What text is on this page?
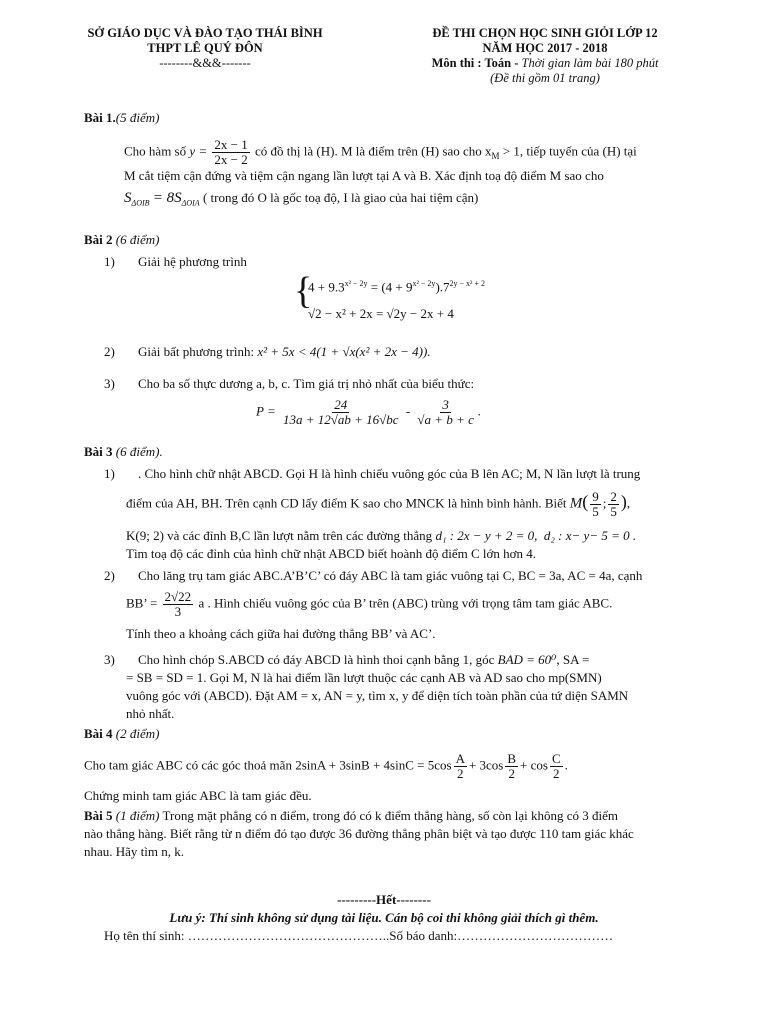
SỞ GIÁO DỤC VÀ ĐÀO TẠO THÁI BÌNH
THPT LÊ QUÝ ĐÔN
--------&&&-------
ĐỀ THI CHỌN HỌC SINH GIỎI LỚP 12
NĂM HỌC 2017 - 2018
Môn thi : Toán - Thời gian làm bài 180 phút
(Đề thi gồm 01 trang)
Bài 1.(5 điểm)
Cho hàm số $y = \frac{2x - 1}{2x - 2}$ có đồ thị là (H). M là điểm trên (H) sao cho $x_M > 1$, tiếp tuyến của (H) tại
M cắt tiệm cận đứng và tiệm cận ngang lần lượt tại A và B. Xác định toạ độ điểm M sao cho
$S_{\Delta OIB} = 8S_{\Delta OIA}$ ( trong đó O là gốc toạ độ, I là giao của hai tiệm cận)
Bài 2 (6 điểm)
1) Giải hệ phương trình
{
$4 + 9.3^{x^2 - 2y} = (4 + 9^{x^2 - 2y}).7^{2y - x^2 + 2}$
√2 − x² + 2x = √2y − 2x + 4
2) Giải bất phương trình: x² + 5x < 4(1 + √x(x² + 2x − 4)).
3) Cho ba số thực dương a, b, c. Tìm giá trị nhỏ nhất của biểu thức:
$P = \frac{24}{13a + 12√ab + 16√bc} - \frac{3}{√a + b + c}$ .
Bài 3 (6 điểm).
1) . Cho hình chữ nhật ABCD. Gọi H là hình chiếu vuông góc của B lên AC; M, N lần lượt là trung
điểm của AH, BH. Trên cạnh CD lấy điểm K sao cho MNCK là hình bình hành. Biết $M( \frac{9}{5}$ ; $\frac{2}{5}$ ),
K(9; 2) và các đỉnh B,C lần lượt nằm trên các đường thẳng d₁ : 2x − y + 2 = 0, d₂ : x− y− 5 = 0 .
Tìm toạ độ các đỉnh của hình chữ nhật ABCD biết hoành độ điểm C lớn hơn 4.
2) Cho lăng trụ tam giác ABC.A’B’C’ có đáy ABC là tam giác vuông tại C, BC = 3a, AC = 4a, cạnh
BB’ = $\frac{2√22}{3}$ a . Hình chiếu vuông góc của B’ trên (ABC) trùng với trọng tâm tam giác ABC.
Tính theo a khoảng cách giữa hai đường thẳng BB’ và AC’.
3) Cho hình chóp S.ABCD có đáy ABCD là hình thoi cạnh bằng 1, góc BAD = 60⁰, SA =
= SB = SD = 1. Gọi M, N là hai điểm lần lượt thuộc các cạnh AB và AD sao cho mp(SMN)
vuông góc với (ABCD). Đặt AM = x, AN = y, tìm x, y để diện tích toàn phần của tứ diện SAMN
nhỏ nhất.
Bài 4 (2 điểm)
Cho tam giác ABC có các góc thoả mãn $2\sin A + 3\sin B + 4\sin C = 5\cos \frac{A}{2} + 3\cos \frac{B}{2} + \cos \frac{C}{2}$ .
Chứng minh tam giác ABC là tam giác đều.
Bài 5 (1 điểm) Trong mặt phẳng có n điểm, trong đó có k điểm thẳng hàng, số còn lại không có 3 điểm
nào thẳng hàng. Biết rằng từ n điểm đó tạo được 36 đường thẳng phân biệt và tạo được 110 tam giác khác
nhau. Hãy tìm n, k.
---------Hết--------
Lưu ý: Thí sinh không sử dụng tài liệu. Cán bộ coi thi không giải thích gì thêm.
Họ tên thí sinh: ………………………………………..Số báo danh:………………………………
